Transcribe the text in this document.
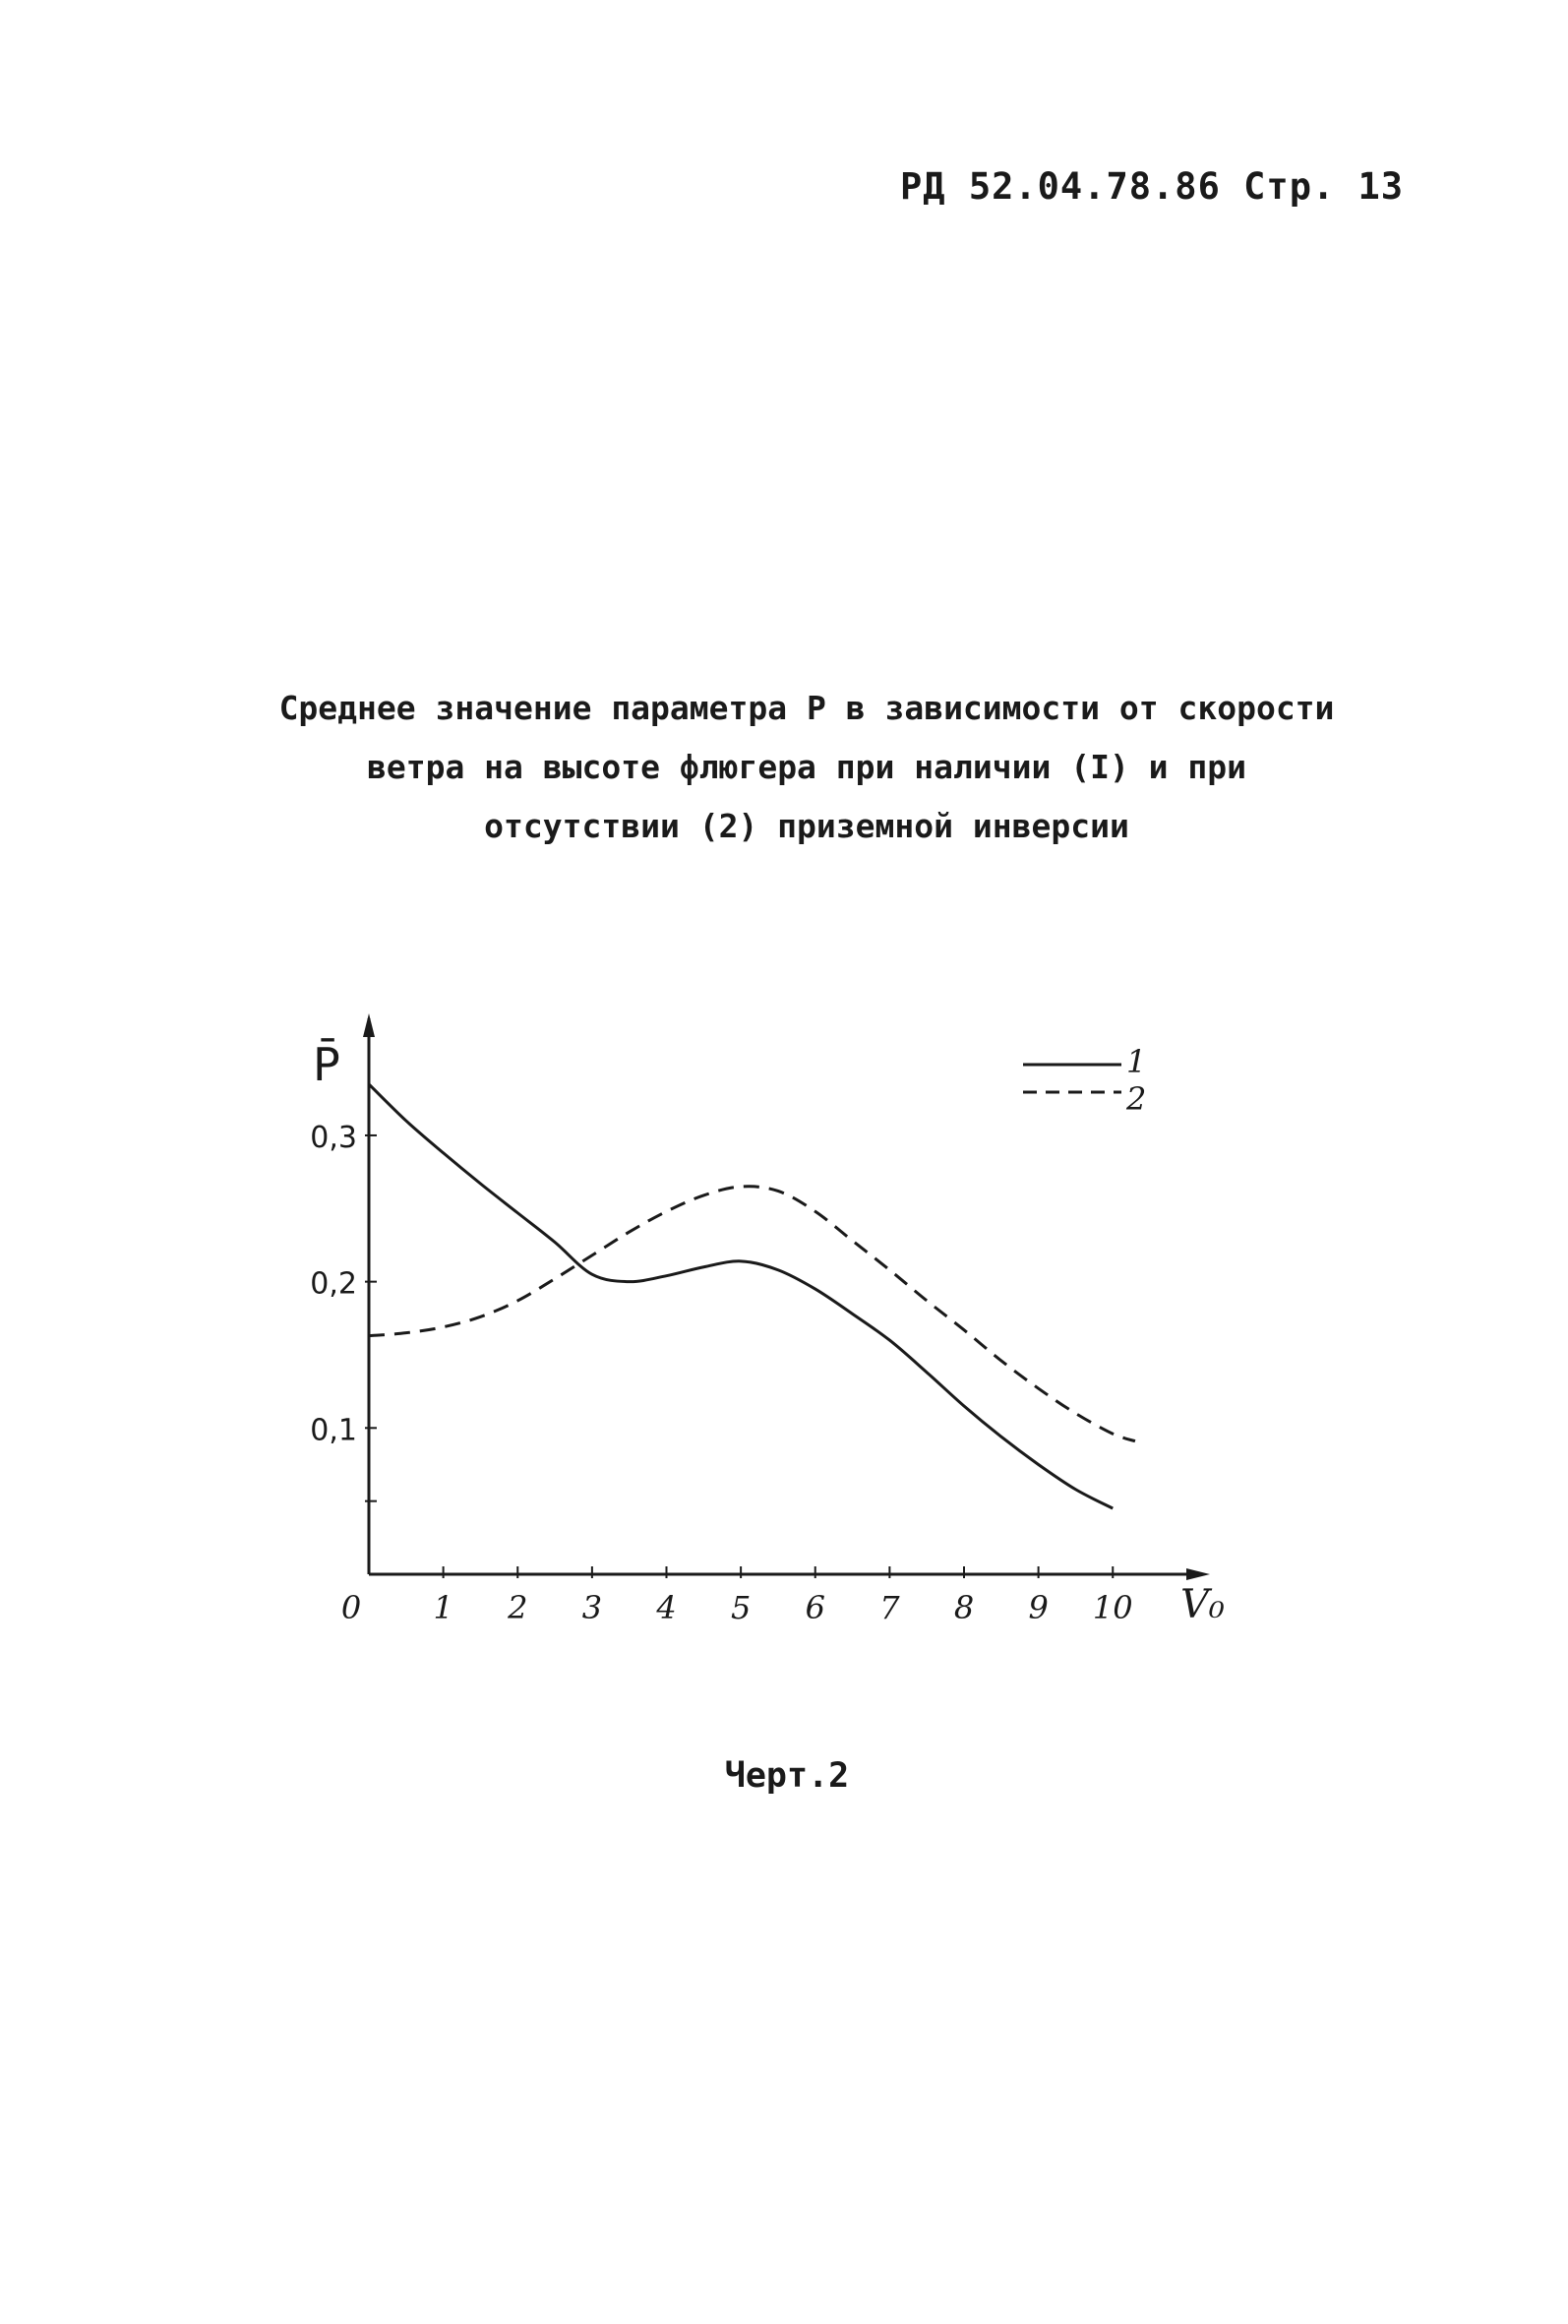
РД 52.04.78.86 Стр. 13
Среднее значение параметра Р в зависимости от скорости
ветра на высоте флюгера при наличии (I) и при
отсутствии (2) приземной инверсии
0 1 2 3 4 5 6 7 8 9 10
0,1
0,2
0,3
P̄
V₀
1
2
Черт.2
